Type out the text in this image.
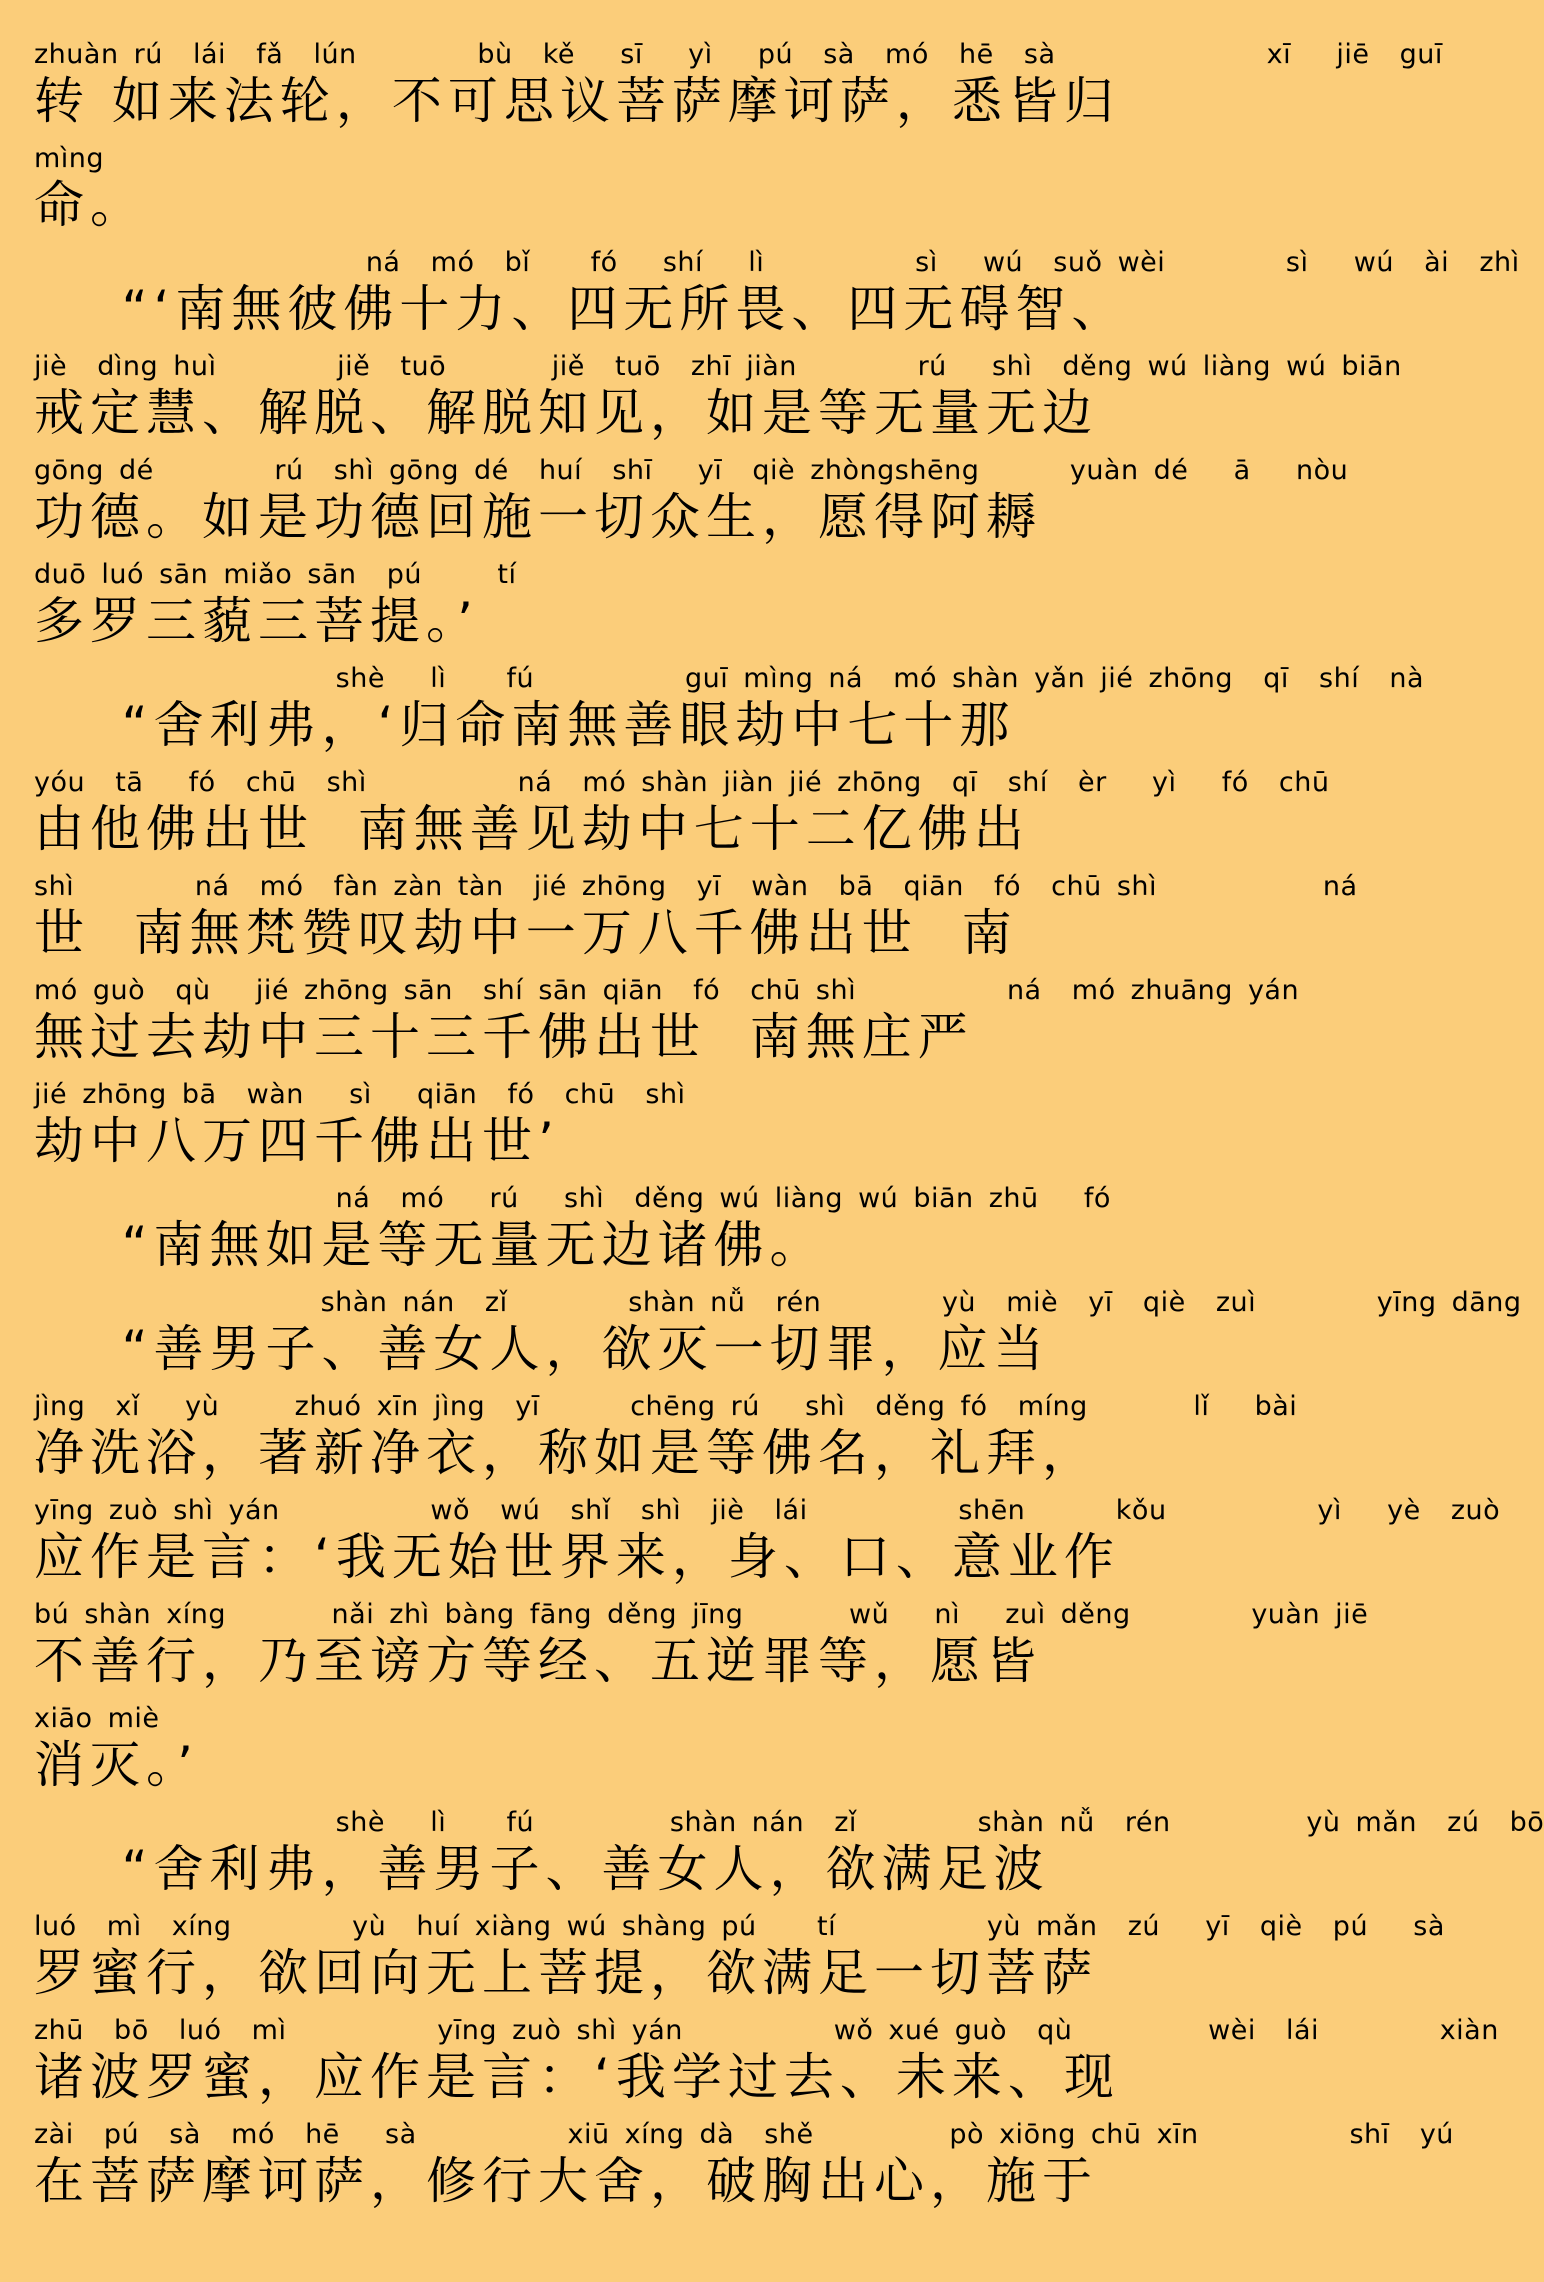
zhuàn rú  lái  fǎ  lún        bù  kě   sī   yì   pú  sà  mó  hē  sà              xī   jiē  guī
转 如来法轮，不可思议菩萨摩诃萨，悉皆归
mìng
命。
ná  mó  bǐ    fó   shí   lì          sì   wú  suǒ wèi        sì   wú  ài  zhì
“‘南無彼佛十力、四无所畏、四无碍智、
jiè  dìng huì        jiě  tuō       jiě  tuō  zhī jiàn        rú   shì  děng wú liàng wú biān
戒定慧、解脱、解脱知见，如是等无量无边
gōng dé        rú  shì gōng dé  huí  shī   yī  qiè zhòngshēng      yuàn dé   ā   nòu
功德。如是功德回施一切众生，愿得阿耨
duō luó sān miǎo sān  pú     tí
多罗三藐三菩提。’
shè   lì    fú          guī mìng ná  mó shàn yǎn jié zhōng  qī  shí  nà
“舍利弗，‘归命南無善眼劫中七十那
yóu  tā   fó  chū  shì          ná  mó shàn jiàn jié zhōng  qī  shí  èr   yì   fó  chū
由他佛出世  南無善见劫中七十二亿佛出
shì        ná  mó  fàn zàn tàn  jié zhōng  yī  wàn  bā  qiān  fó  chū shì           ná
世  南無梵赞叹劫中一万八千佛出世  南
mó guò  qù   jié zhōng sān  shí sān qiān  fó  chū shì          ná  mó zhuāng yán
無过去劫中三十三千佛出世  南無庄严
jié zhōng bā  wàn   sì   qiān  fó  chū  shì
劫中八万四千佛出世’
ná  mó   rú   shì  děng wú liàng wú biān zhū   fó
“南無如是等无量无边诸佛。
shàn nán  zǐ        shàn nǚ  rén        yù  miè  yī  qiè  zuì        yīng dāng
“善男子、善女人，欲灭一切罪，应当
jìng  xǐ   yù     zhuó xīn jìng  yī      chēng rú   shì  děng fó  míng       lǐ   bài
净洗浴，著新净衣，称如是等佛名，礼拜，
yīng zuò shì yán          wǒ  wú  shǐ  shì  jiè  lái          shēn      kǒu          yì   yè  zuò
应作是言：‘我无始世界来，身、口、意业作
bú shàn xíng       nǎi zhì bàng fāng děng jīng       wǔ   nì   zuì děng        yuàn jiē
不善行，乃至谤方等经、五逆罪等，愿皆
xiāo miè
消灭。’
shè   lì    fú         shàn nán  zǐ        shàn nǚ  rén         yù mǎn  zú  bō
“舍利弗，善男子、善女人，欲满足波
luó  mì  xíng        yù  huí xiàng wú shàng pú    tí          yù mǎn  zú   yī  qiè  pú   sà
罗蜜行，欲回向无上菩提，欲满足一切菩萨
zhū  bō  luó  mì          yīng zuò shì yán          wǒ xué guò  qù         wèi  lái        xiàn
诸波罗蜜，应作是言：‘我学过去、未来、现
zài  pú  sà  mó  hē   sà          xiū xíng dà  shě         pò xiōng chū xīn          shī  yú
在菩萨摩诃萨，修行大舍，破胸出心，施于
